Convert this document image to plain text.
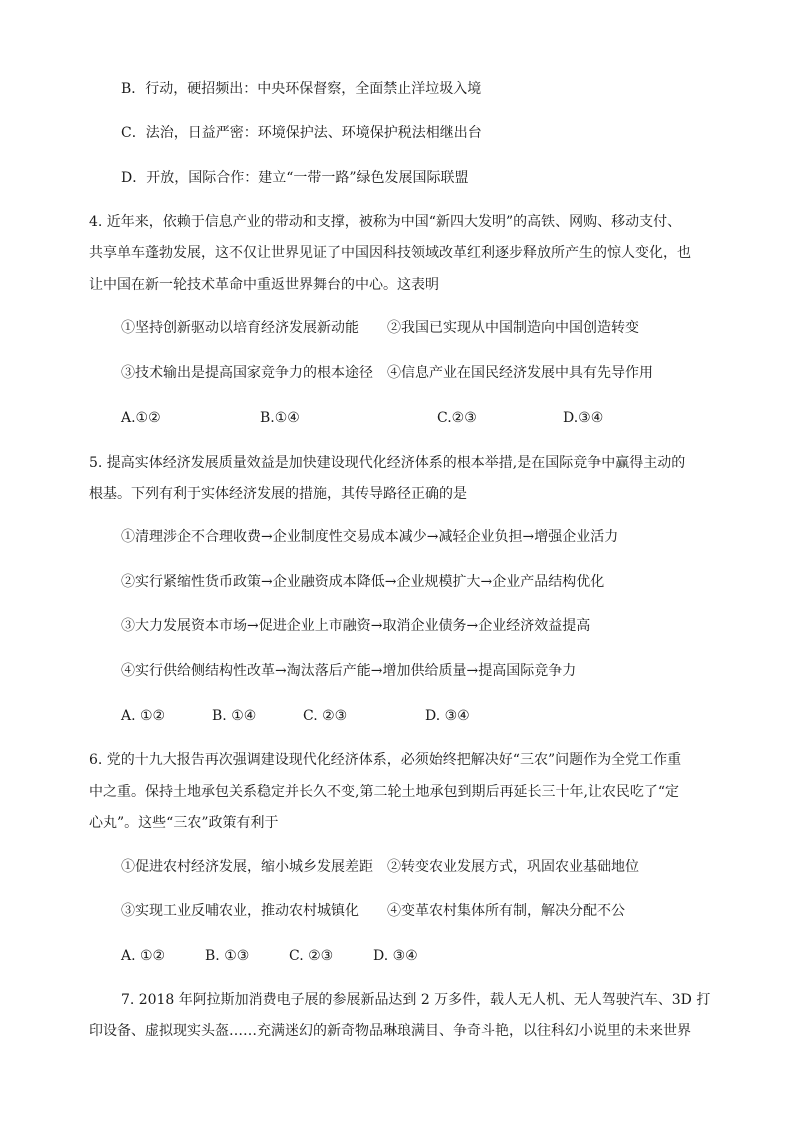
B．行动，硬招频出：中央环保督察，全面禁止洋垃圾入境
C．法治，日益严密：环境保护法、环境保护税法相继出台
D．开放，国际合作：建立“一带一路”绿色发展国际联盟
4. 近年来，依赖于信息产业的带动和支撑，被称为中国“新四大发明”的高铁、网购、移动支付、
共享单车蓬勃发展，这不仅让世界见证了中国因科技领域改革红利逐步释放所产生的惊人变化，也
让中国在新一轮技术革命中重返世界舞台的中心。这表明
①坚持创新驱动以培育经济发展新动能　　②我国已实现从中国制造向中国创造转变
③技术输出是提高国家竞争力的根本途径　④信息产业在国民经济发展中具有先导作用
A.①②	B.①④	C.②③	D.③④
5. 提高实体经济发展质量效益是加快建设现代化经济体系的根本举措,是在国际竞争中赢得主动的
根基。下列有利于实体经济发展的措施，其传导路径正确的是
①清理涉企不合理收费→企业制度性交易成本减少→减轻企业负担→增强企业活力
②实行紧缩性货币政策→企业融资成本降低→企业规模扩大→企业产品结构优化
③大力发展资本市场→促进企业上市融资→取消企业债务→企业经济效益提高
④实行供给侧结构性改革→淘汰落后产能→增加供给质量→提高国际竞争力
A. ①②	B. ①④	C. ②③	D. ③④
6. 党的十九大报告再次强调建设现代化经济体系，必须始终把解决好“三农”问题作为全党工作重
中之重。保持土地承包关系稳定并长久不变,第二轮土地承包到期后再延长三十年,让农民吃了“定
心丸”。这些“三农”政策有利于
①促进农村经济发展，缩小城乡发展差距　②转变农业发展方式，巩固农业基础地位
③实现工业反哺农业，推动农村城镇化　　④变革农村集体所有制，解决分配不公
A. ①②	B. ①③	C. ②③	D. ③④
7. 2018 年阿拉斯加消费电子展的参展新品达到 2 万多件，载人无人机、无人驾驶汽车、3D 打
印设备、虚拟现实头盔……充满迷幻的新奇物品琳琅满目、争奇斗艳，以往科幻小说里的未来世界
